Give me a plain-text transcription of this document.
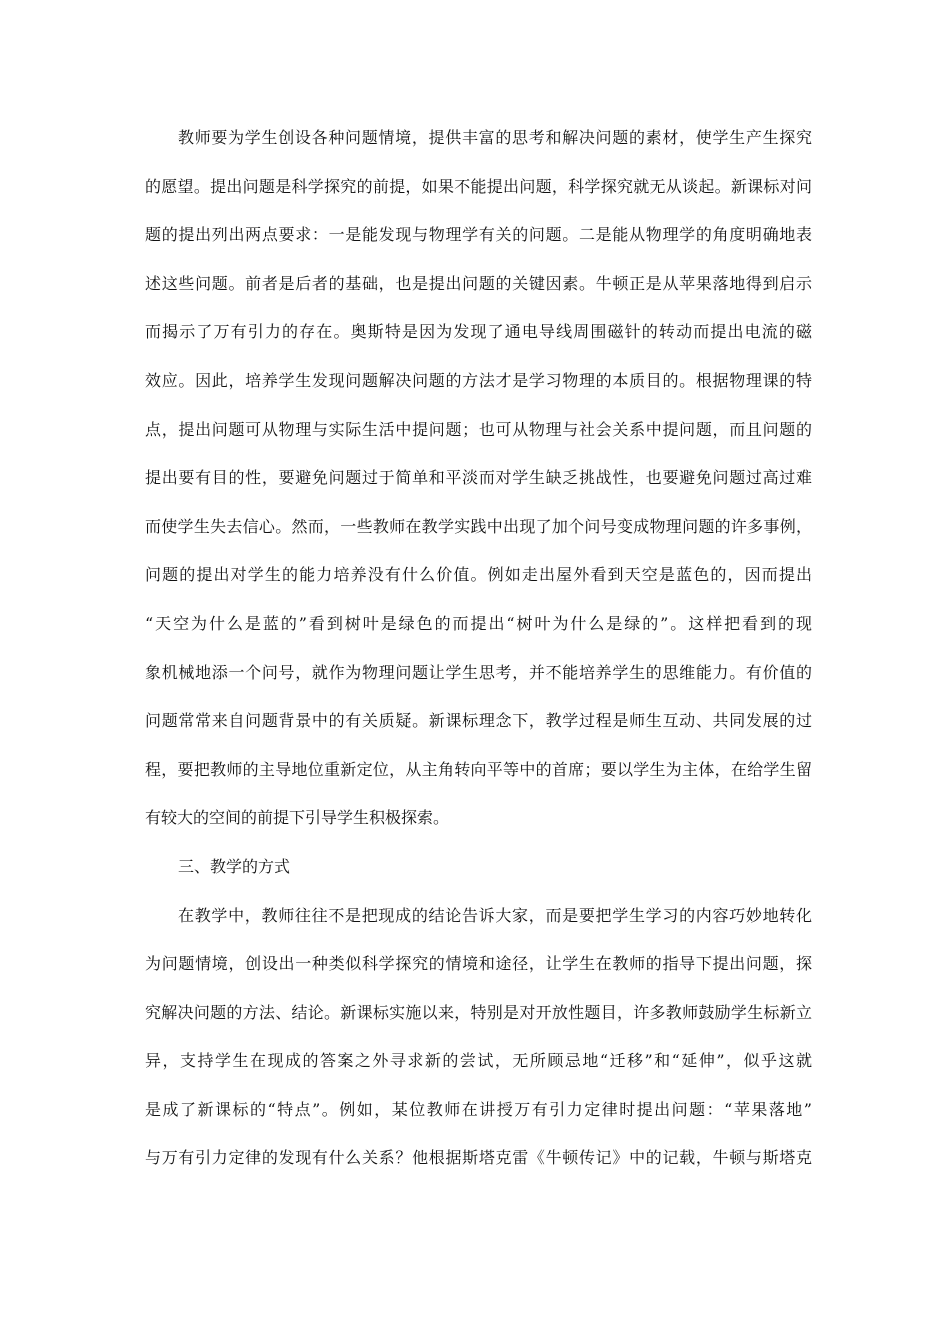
教师要为学生创设各种问题情境，提供丰富的思考和解决问题的素材，使学生产生探究
的愿望。提出问题是科学探究的前提，如果不能提出问题，科学探究就无从谈起。新课标对问
题的提出列出两点要求：一是能发现与物理学有关的问题。二是能从物理学的角度明确地表
述这些问题。前者是后者的基础，也是提出问题的关键因素。牛顿正是从苹果落地得到启示
而揭示了万有引力的存在。奥斯特是因为发现了通电导线周围磁针的转动而提出电流的磁
效应。因此，培养学生发现问题解决问题的方法才是学习物理的本质目的。根据物理课的特
点，提出问题可从物理与实际生活中提问题；也可从物理与社会关系中提问题，而且问题的
提出要有目的性，要避免问题过于简单和平淡而对学生缺乏挑战性，也要避免问题过高过难
而使学生失去信心。然而，一些教师在教学实践中出现了加个问号变成物理问题的许多事例，
问题的提出对学生的能力培养没有什么价值。例如走出屋外看到天空是蓝色的，因而提出
“天空为什么是蓝的”看到树叶是绿色的而提出“树叶为什么是绿的”。这样把看到的现
象机械地添一个问号，就作为物理问题让学生思考，并不能培养学生的思维能力。有价值的
问题常常来自问题背景中的有关质疑。新课标理念下，教学过程是师生互动、共同发展的过
程，要把教师的主导地位重新定位，从主角转向平等中的首席；要以学生为主体，在给学生留
有较大的空间的前提下引导学生积极探索。
三、教学的方式
在教学中，教师往往不是把现成的结论告诉大家，而是要把学生学习的内容巧妙地转化
为问题情境，创设出一种类似科学探究的情境和途径，让学生在教师的指导下提出问题，探
究解决问题的方法、结论。新课标实施以来，特别是对开放性题目，许多教师鼓励学生标新立
异，支持学生在现成的答案之外寻求新的尝试，无所顾忌地“迁移”和“延伸”，似乎这就
是成了新课标的“特点”。例如，某位教师在讲授万有引力定律时提出问题：“苹果落地”
与万有引力定律的发现有什么关系？他根据斯塔克雷《牛顿传记》中的记载，牛顿与斯塔克
